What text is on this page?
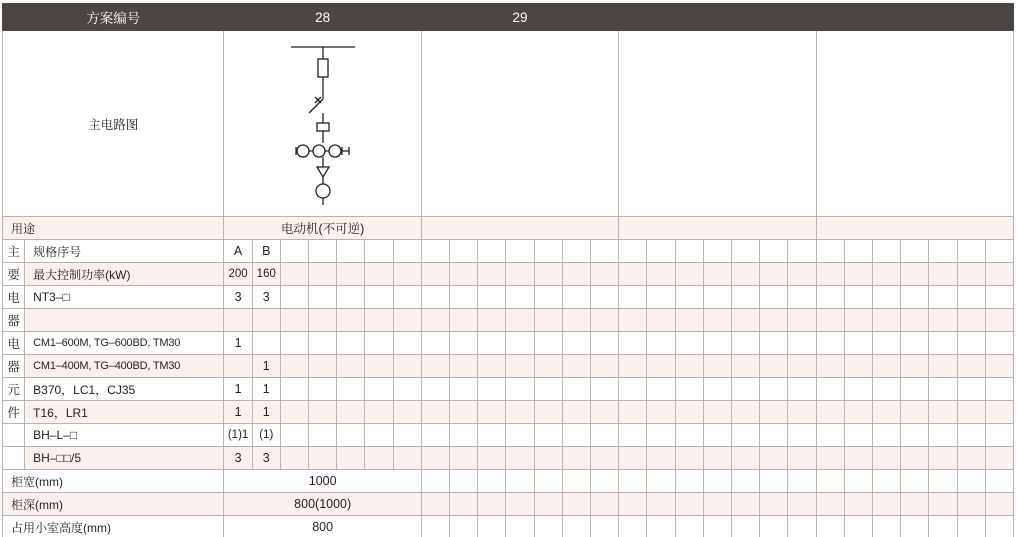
方案编号		28							29																				
主电路图	

用途		电动机(不可逆)																											
主	规格序号	A	B																										
要	最大控制功率(kW)	200	160																										
电	NT3–□	3	3																										
器																													
电	CM1–600M, TG–600BD, TM30	1																											
器	CM1–400M, TG–400BD, TM30		1																										
元	B370，LC1，CJ35	1	1																										
件	T16，LR1	1	1																										
	BH–L–□	(1)1	(1)																										
	BH–□□/5	3	3																										
柜宽(mm)		1000																											
柜深(mm)		800(1000)																											
占用小室高度(mm)		800																											
